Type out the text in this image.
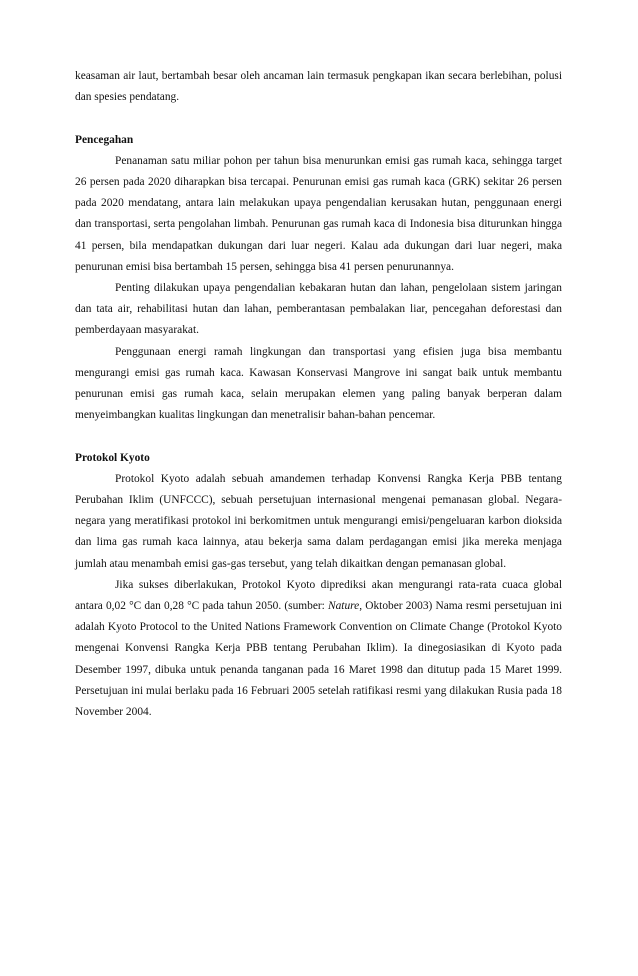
keasaman air laut, bertambah besar oleh ancaman lain termasuk pengkapan ikan secara berlebihan, polusi dan spesies pendatang.

Pencegahan

Penanaman satu miliar pohon per tahun bisa menurunkan emisi gas rumah kaca, sehingga target 26 persen pada 2020 diharapkan bisa tercapai. Penurunan emisi gas rumah kaca (GRK) sekitar 26 persen pada 2020 mendatang, antara lain melakukan upaya pengendalian kerusakan hutan, penggunaan energi dan transportasi, serta pengolahan limbah. Penurunan gas rumah kaca di Indonesia bisa diturunkan hingga 41 persen, bila mendapatkan dukungan dari luar negeri. Kalau ada dukungan dari luar negeri, maka penurunan emisi bisa bertambah 15 persen, sehingga bisa 41 persen penurunannya.

Penting dilakukan upaya pengendalian kebakaran hutan dan lahan, pengelolaan sistem jaringan dan tata air, rehabilitasi hutan dan lahan, pemberantasan pembalakan liar, pencegahan deforestasi dan pemberdayaan masyarakat.

Penggunaan energi ramah lingkungan dan transportasi yang efisien juga bisa membantu mengurangi emisi gas rumah kaca. Kawasan Konservasi Mangrove ini sangat baik untuk membantu penurunan emisi gas rumah kaca, selain merupakan elemen yang paling banyak berperan dalam menyeimbangkan kualitas lingkungan dan menetralisir bahan-bahan pencemar.

Protokol Kyoto

Protokol Kyoto adalah sebuah amandemen terhadap Konvensi Rangka Kerja PBB tentang Perubahan Iklim (UNFCCC), sebuah persetujuan internasional mengenai pemanasan global. Negara-negara yang meratifikasi protokol ini berkomitmen untuk mengurangi emisi/pengeluaran karbon dioksida dan lima gas rumah kaca lainnya, atau bekerja sama dalam perdagangan emisi jika mereka menjaga jumlah atau menambah emisi gas-gas tersebut, yang telah dikaitkan dengan pemanasan global.

Jika sukses diberlakukan, Protokol Kyoto diprediksi akan mengurangi rata-rata cuaca global antara 0,02 °C dan 0,28 °C pada tahun 2050. (sumber: Nature, Oktober 2003) Nama resmi persetujuan ini adalah Kyoto Protocol to the United Nations Framework Convention on Climate Change (Protokol Kyoto mengenai Konvensi Rangka Kerja PBB tentang Perubahan Iklim). Ia dinegosiasikan di Kyoto pada Desember 1997, dibuka untuk penanda tanganan pada 16 Maret 1998 dan ditutup pada 15 Maret 1999. Persetujuan ini mulai berlaku pada 16 Februari 2005 setelah ratifikasi resmi yang dilakukan Rusia pada 18 November 2004.
